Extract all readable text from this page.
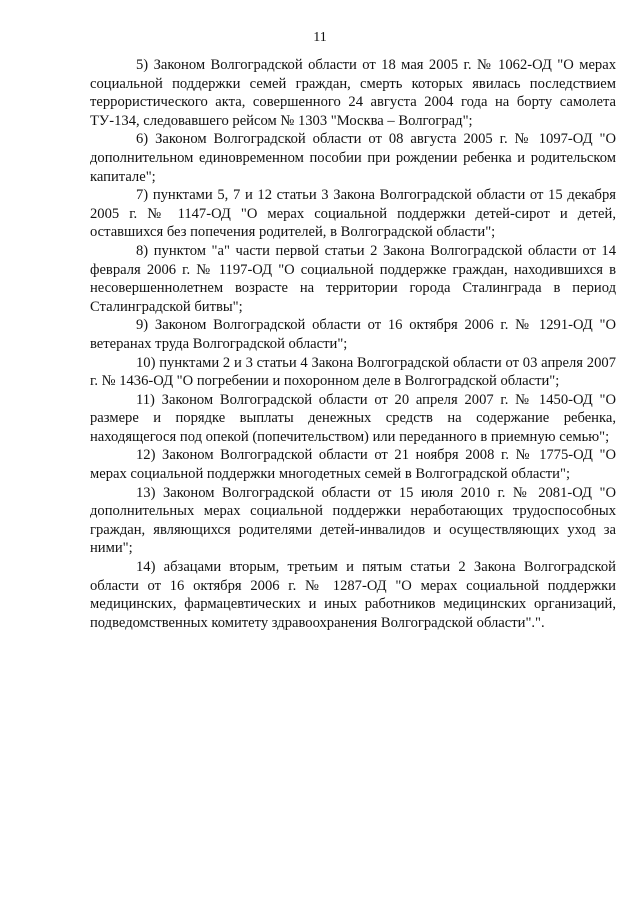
11

5) Законом Волгоградской области от 18 мая 2005 г. № 1062-ОД "О мерах социальной поддержки семей граждан, смерть которых явилась последствием террористического акта, совершенного 24 августа 2004 года на борту самолета ТУ-134, следовавшего рейсом № 1303 "Москва – Волгоград";

6) Законом Волгоградской области от 08 августа 2005 г. № 1097-ОД "О дополнительном единовременном пособии при рождении ребенка и родительском капитале";

7) пунктами 5, 7 и 12 статьи 3 Закона Волгоградской области от 15 декабря 2005 г. № 1147-ОД "О мерах социальной поддержки детей-сирот и детей, оставшихся без попечения родителей, в Волгоградской области";

8) пунктом "а" части первой статьи 2 Закона Волгоградской области от 14 февраля 2006 г. № 1197-ОД "О социальной поддержке граждан, находившихся в несовершеннолетнем возрасте на территории города Сталинграда в период Сталинградской битвы";

9) Законом Волгоградской области от 16 октября 2006 г. № 1291-ОД "О ветеранах труда Волгоградской области";

10) пунктами 2 и 3 статьи 4 Закона Волгоградской области от 03 апреля 2007 г. № 1436-ОД "О погребении и похоронном деле в Волгоградской области";

11) Законом Волгоградской области от 20 апреля 2007 г. № 1450-ОД "О размере и порядке выплаты денежных средств на содержание ребенка, находящегося под опекой (попечительством) или переданного в приемную семью";

12) Законом Волгоградской области от 21 ноября 2008 г. № 1775-ОД "О мерах социальной поддержки многодетных семей в Волгоградской области";

13) Законом Волгоградской области от 15 июля 2010 г. № 2081-ОД "О дополнительных мерах социальной поддержки неработающих трудоспособных граждан, являющихся родителями детей-инвалидов и осуществляющих уход за ними";

14) абзацами вторым, третьим и пятым статьи 2 Закона Волгоградской области от 16 октября 2006 г. № 1287-ОД "О мерах социальной поддержки медицинских, фармацевтических и иных работников медицинских организаций, подведомственных комитету здравоохранения Волгоградской области".".
